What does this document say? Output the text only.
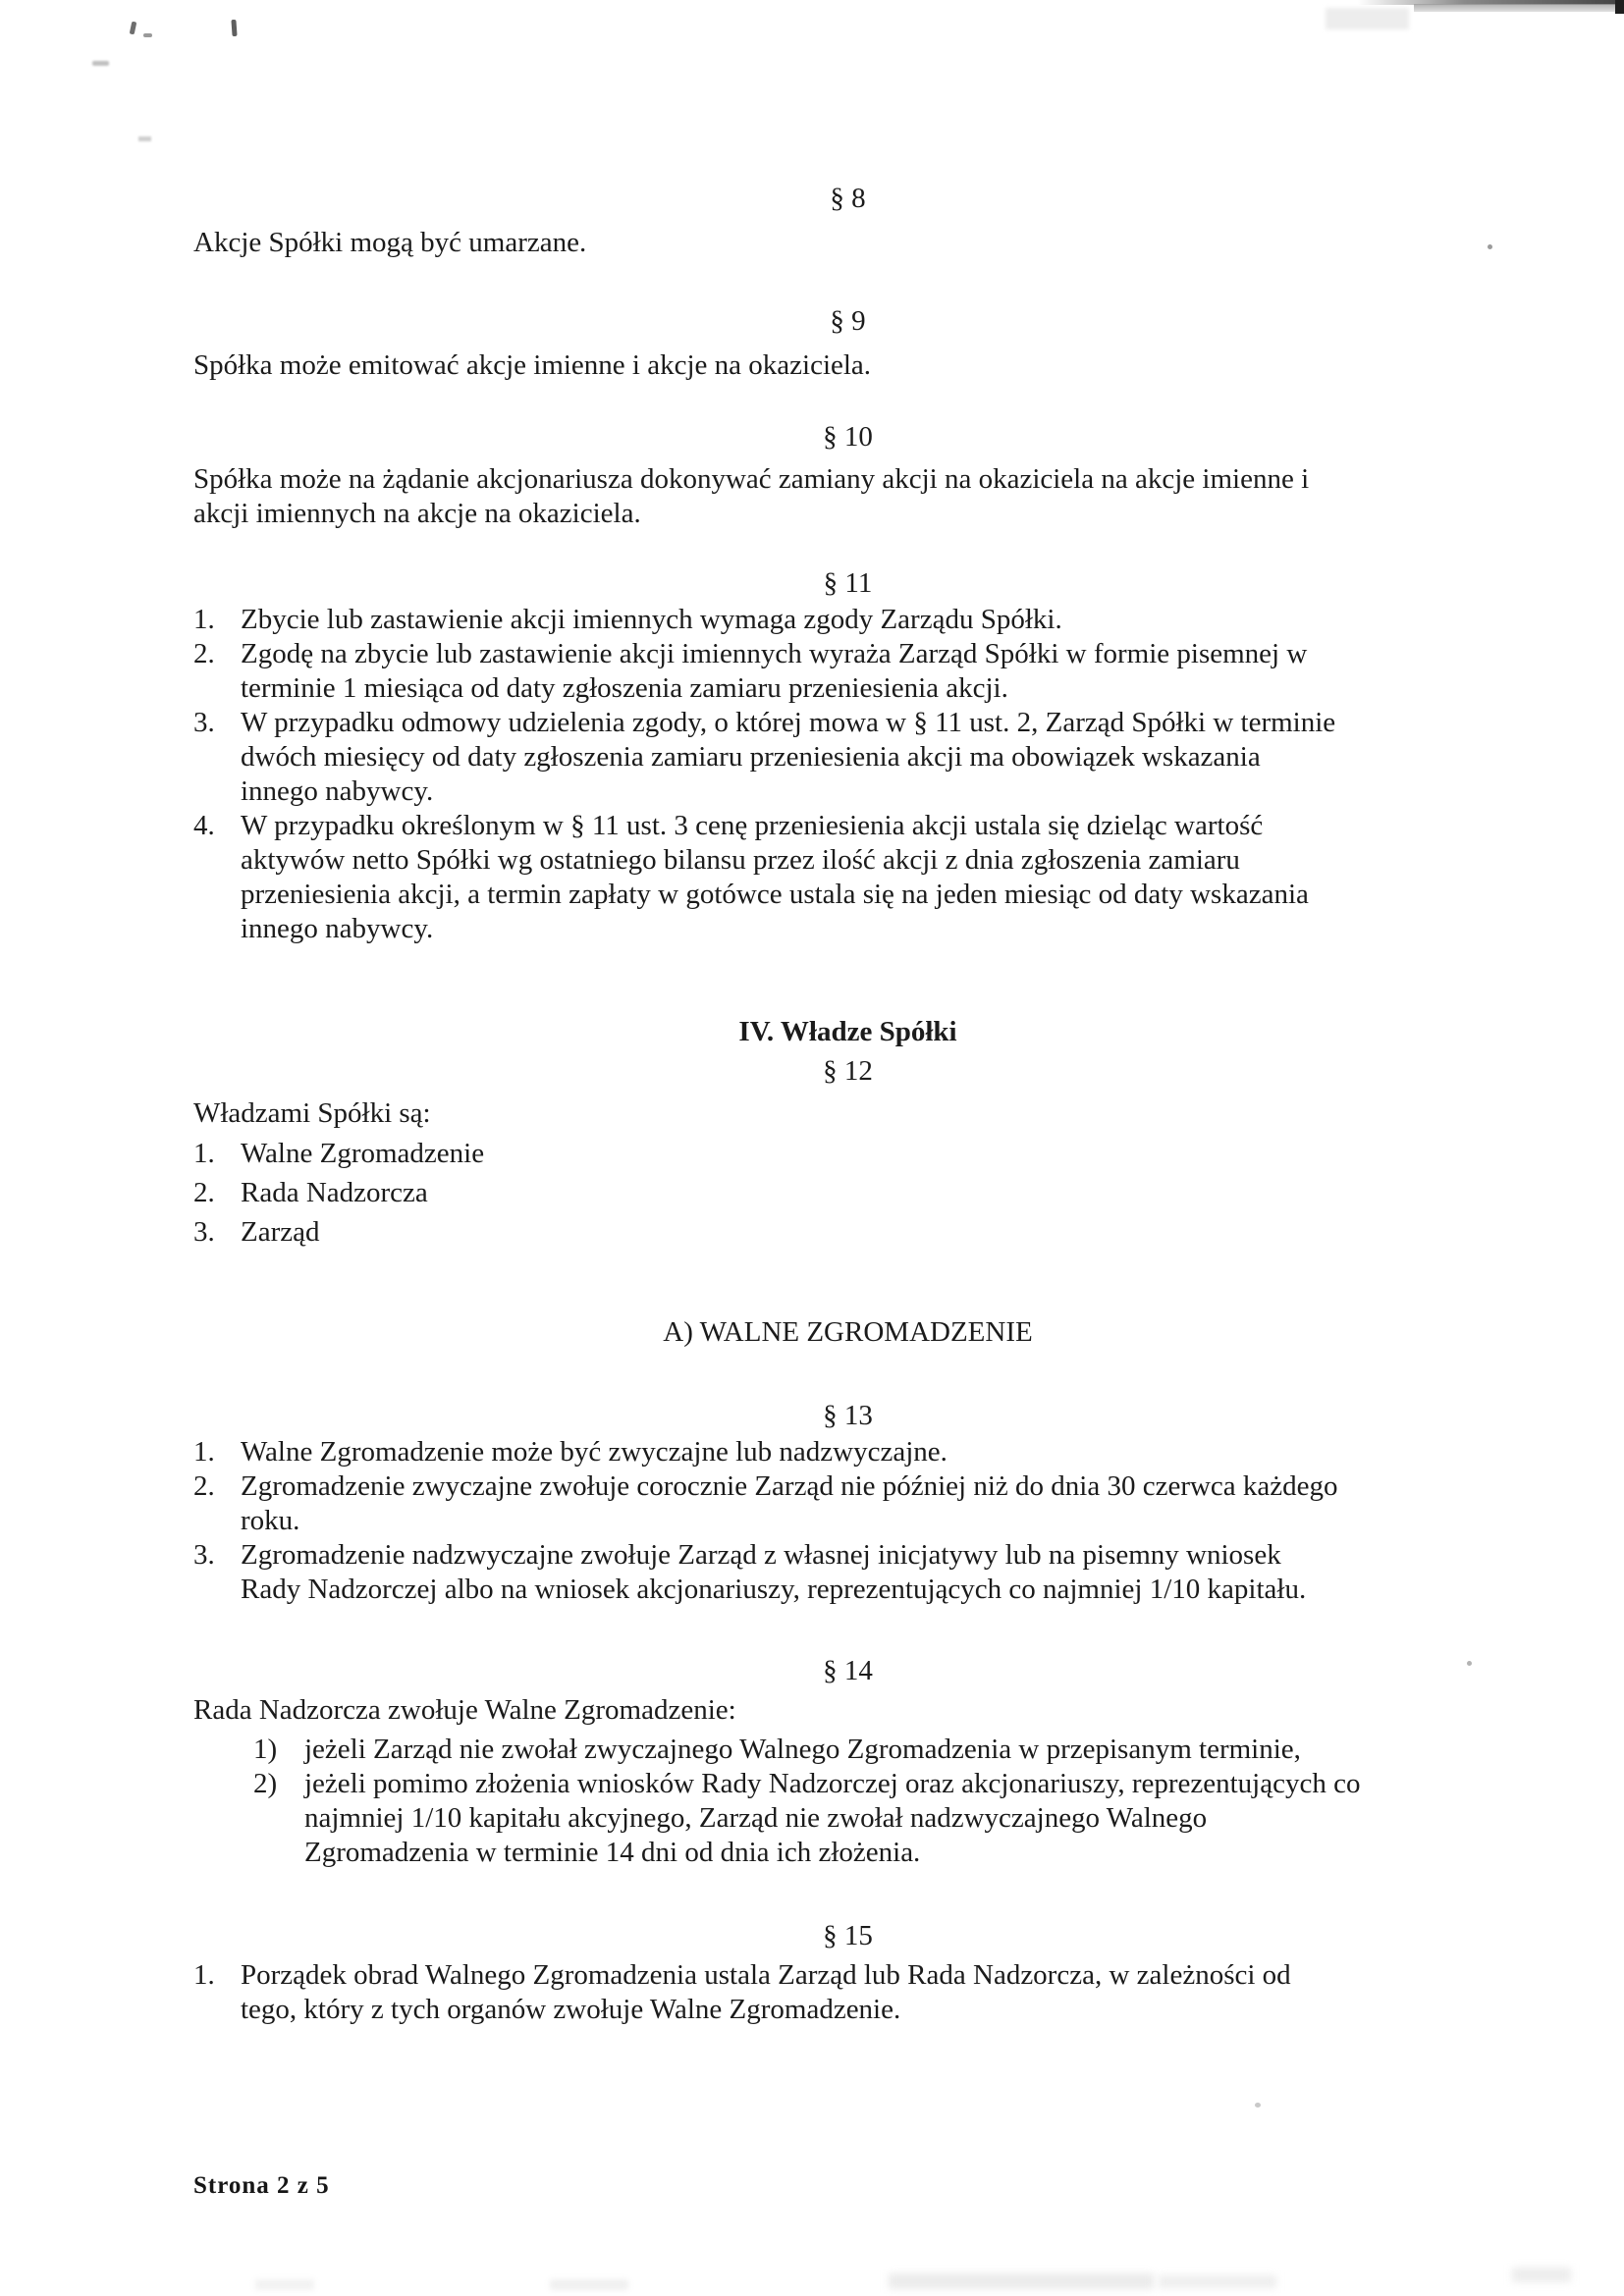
§ 8
Akcje Spółki mogą być umarzane.
§ 9
Spółka może emitować akcje imienne i akcje na okaziciela.
§ 10
Spółka może na żądanie akcjonariusza dokonywać zamiany akcji na okaziciela na akcje imienne i
akcji imiennych na akcje na okaziciela.
§ 11
1. Zbycie lub zastawienie akcji imiennych wymaga zgody Zarządu Spółki.
2. Zgodę na zbycie lub zastawienie akcji imiennych wyraża Zarząd Spółki w formie pisemnej w
terminie 1 miesiąca od daty zgłoszenia zamiaru przeniesienia akcji.
3. W przypadku odmowy udzielenia zgody, o której mowa w § 11 ust. 2, Zarząd Spółki w terminie
dwóch miesięcy od daty zgłoszenia zamiaru przeniesienia akcji ma obowiązek wskazania
innego nabywcy.
4. W przypadku określonym w § 11 ust. 3 cenę przeniesienia akcji ustala się dzieląc wartość
aktywów netto Spółki wg ostatniego bilansu przez ilość akcji z dnia zgłoszenia zamiaru
przeniesienia akcji, a termin zapłaty w gotówce ustala się na jeden miesiąc od daty wskazania
innego nabywcy.
IV. Władze Spółki
§ 12
Władzami Spółki są:
1. Walne Zgromadzenie
2. Rada Nadzorcza
3. Zarząd
A) WALNE ZGROMADZENIE
§ 13
1. Walne Zgromadzenie może być zwyczajne lub nadzwyczajne.
2. Zgromadzenie zwyczajne zwołuje corocznie Zarząd nie później niż do dnia 30 czerwca każdego
roku.
3. Zgromadzenie nadzwyczajne zwołuje Zarząd z własnej inicjatywy lub na pisemny wniosek
Rady Nadzorczej albo na wniosek akcjonariuszy, reprezentujących co najmniej 1/10 kapitału.
§ 14
Rada Nadzorcza zwołuje Walne Zgromadzenie:
1) jeżeli Zarząd nie zwołał zwyczajnego Walnego Zgromadzenia w przepisanym terminie,
2) jeżeli pomimo złożenia wniosków Rady Nadzorczej oraz akcjonariuszy, reprezentujących co
najmniej 1/10 kapitału akcyjnego, Zarząd nie zwołał nadzwyczajnego Walnego
Zgromadzenia w terminie 14 dni od dnia ich złożenia.
§ 15
1. Porządek obrad Walnego Zgromadzenia ustala Zarząd lub Rada Nadzorcza, w zależności od
tego, który z tych organów zwołuje Walne Zgromadzenie.
Strona 2 z 5
